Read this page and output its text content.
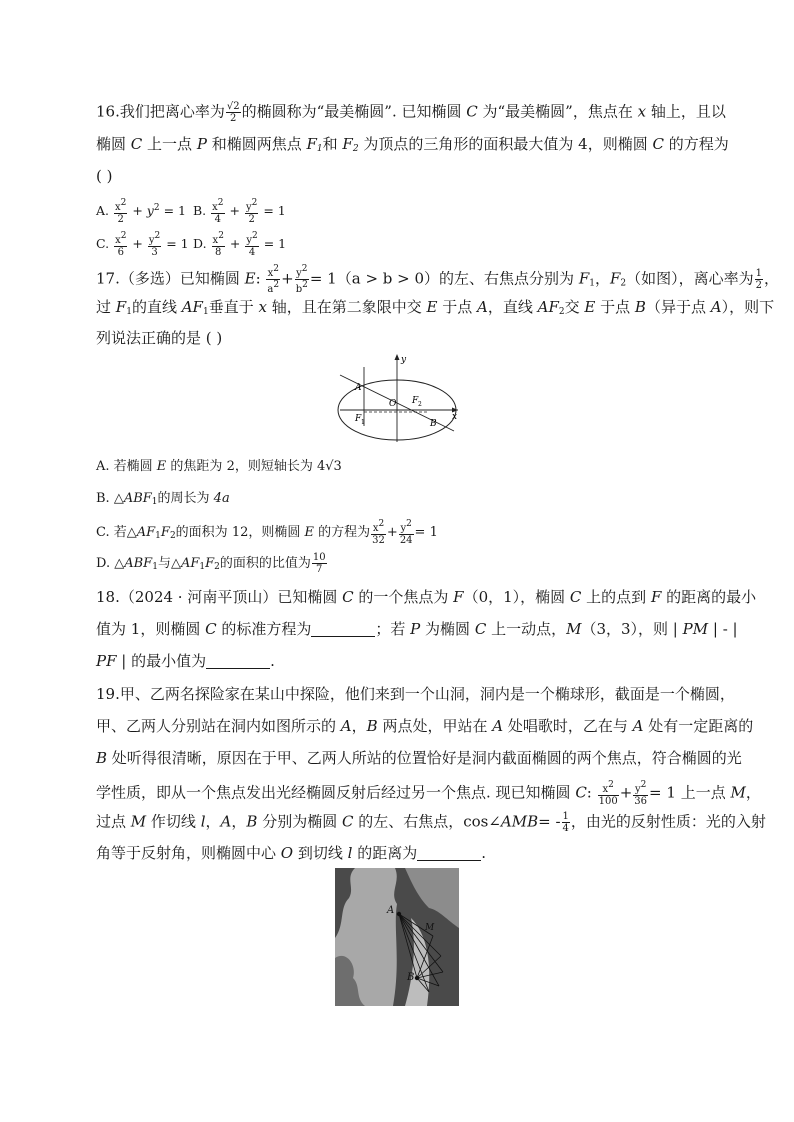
16.我们把离心率为 $\frac{√2}{2}$ 的椭圆称为“最美椭圆”. 已知椭圆 C 为“最美椭圆”，焦点在 x 轴上，且以
椭圆 C 上一点 P 和椭圆两焦点 $F_1$和 $F_2$ 为顶点的三角形的面积最大值为 4，则椭圆 C 的方程为
( )
A. $\frac{x^2}{2} + y^2 = 1$ B. $\frac{x^2}{4} + \frac{y^2}{2} = 1$
C. $\frac{x^2}{6} + \frac{y^2}{3} = 1$ D. $\frac{x^2}{8} + \frac{y^2}{4} = 1$
17.（多选）已知椭圆 E: $\frac{x^2}{a^2} + \frac{y^2}{b^2} = 1(a > b > 0)$的左、右焦点分别为 $F_1$，$F_2$（如图），离心率为 $\frac{1}{2}$ ，
过 $F_1$的直线 $AF_1$垂直于 x 轴，且在第二象限中交 E 于点 A，直线 $AF_2$交 E 于点 B（异于点 A），则下
列说法正确的是 ( )
y
x
O
A
B
F 1
F 2
A. 若椭圆 E 的焦距为 2，则短轴长为 4√3
B. $\triangle ABF_1$的周长为 4a
C. 若$\triangle AF_1F_2$的面积为 12，则椭圆 E 的方程为 $\frac{x^2}{32} + \frac{y^2}{24} = 1$
D. $\triangle ABF_1$与$\triangle AF_1F_2$的面积的比值为 $\frac{10}{7}$
18.（2024 · 河南平顶山）已知椭圆 C 的一个焦点为 F（0，1），椭圆 C 上的点到 F 的距离的最小
值为 1，则椭圆 C 的标准方程为	；若 P 为椭圆 C 上一动点，M（3，3），则 | PM | - |
PF | 的最小值为	.
19.甲、乙两名探险家在某山中探险，他们来到一个山洞，洞内是一个椭球形，截面是一个椭圆，
甲、乙两人分别站在洞内如图所示的 A，B 两点处，甲站在 A 处唱歌时，乙在与 A 处有一定距离的
B 处听得很清晰，原因在于甲、乙两人所站的位置恰好是洞内截面椭圆的两个焦点，符合椭圆的光
学性质，即从一个焦点发出光经椭圆反射后经过另一个焦点. 现已知椭圆 C: $\frac{x^2}{100} + \frac{y^2}{36} = 1$ 上一点 M，
过点 M 作切线 l，A，B 分别为椭圆 C 的左、右焦点，cos∠AMB= - $\frac{1}{4}$ ，由光的反射性质：光的入射
角等于反射角，则椭圆中心 O 到切线 l 的距离为	.
A
M
B
